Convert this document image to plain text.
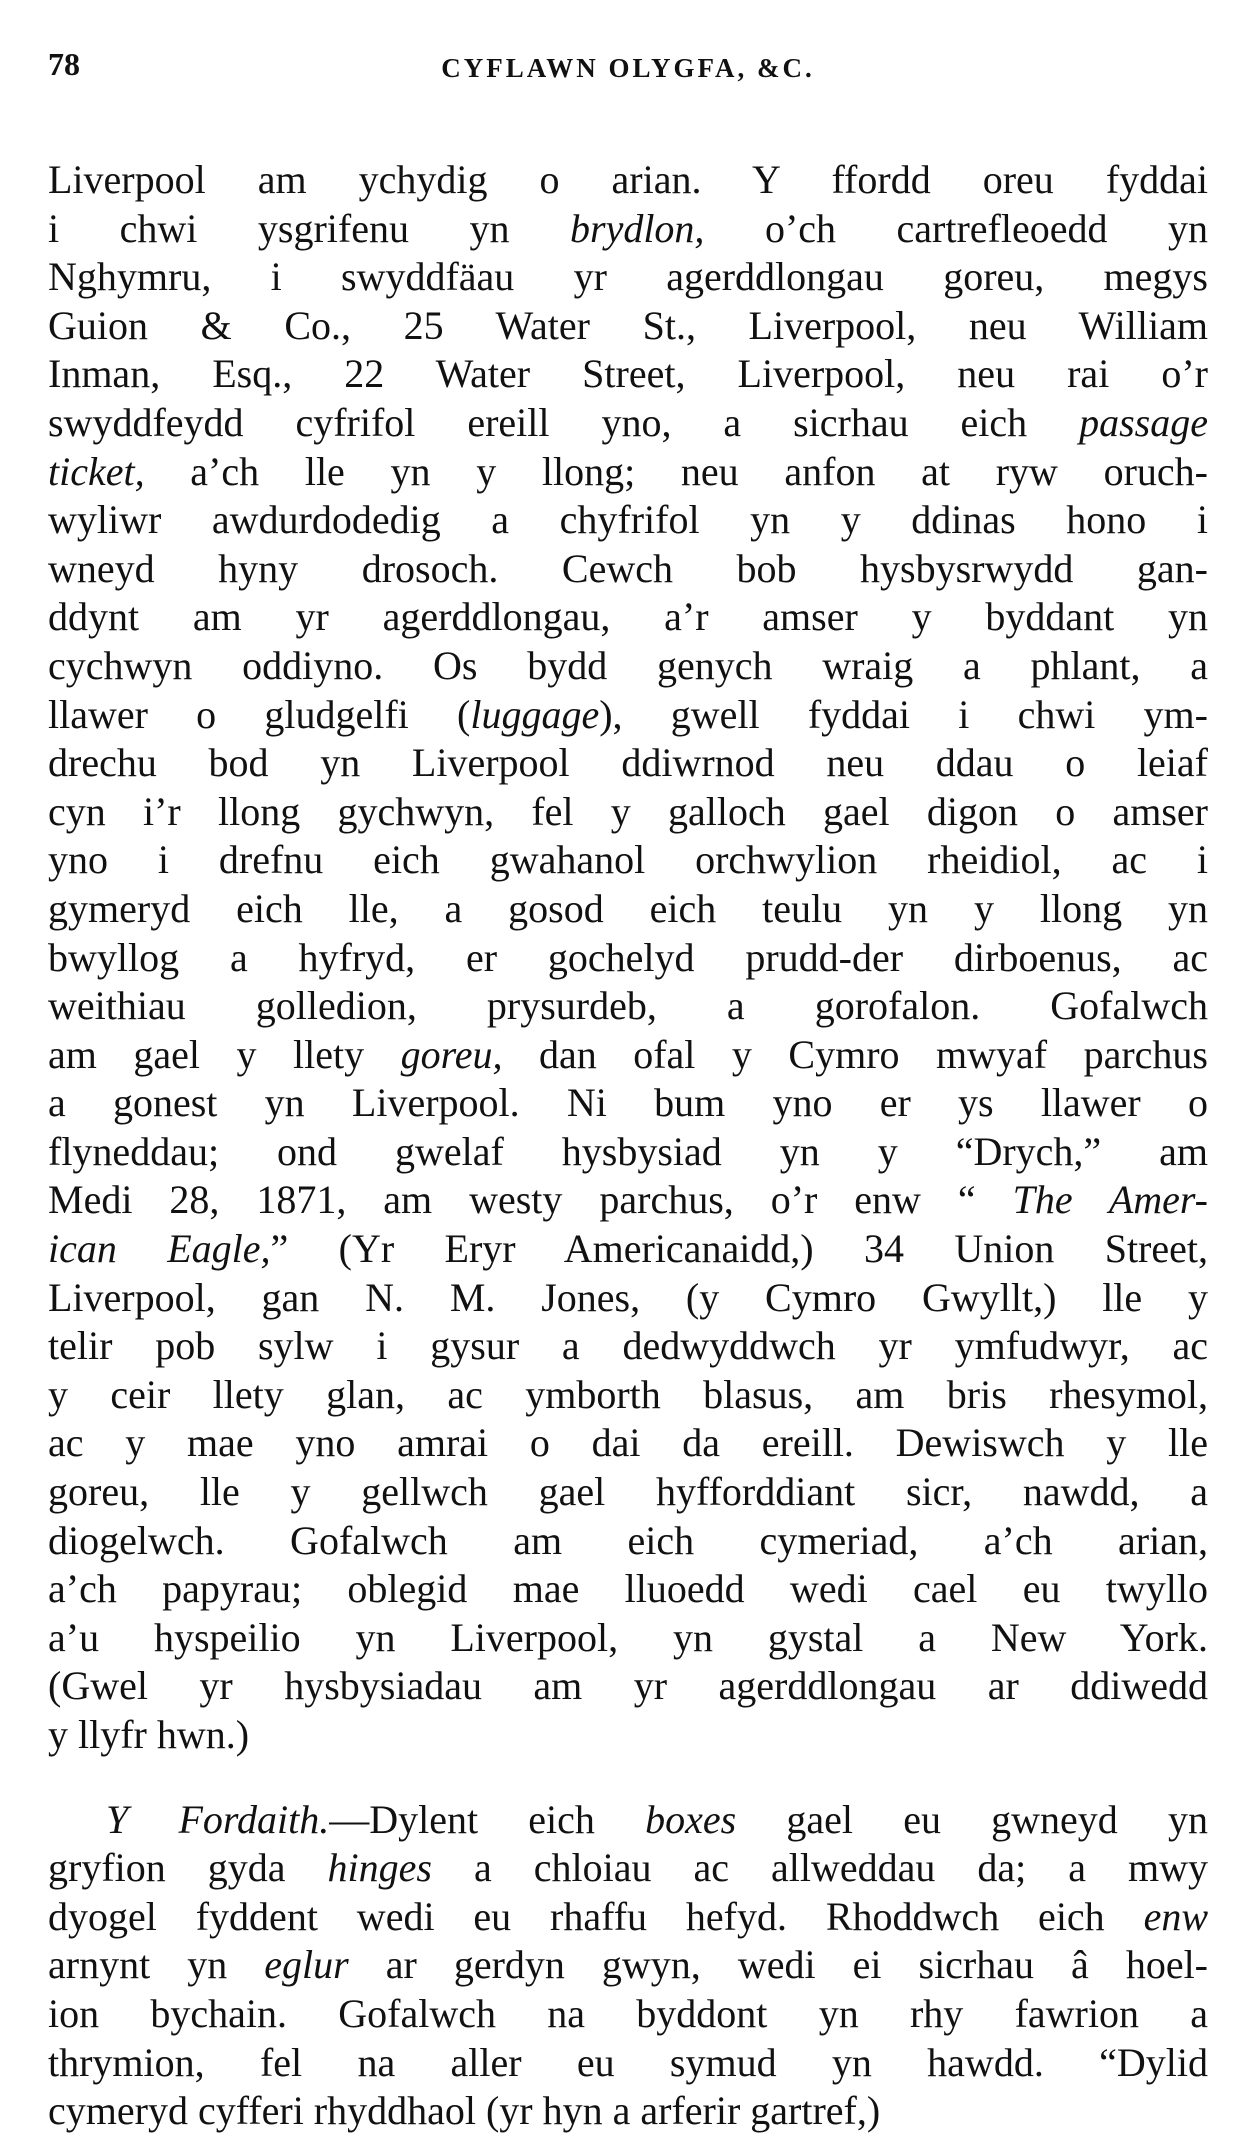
78	CYFLAWN OLYGFA, &C.
Liverpool am ychydig o arian. Y ffordd oreu fyddai
i chwi ysgrifenu yn brydlon, o’ch cartrefleoedd yn
Nghymru, i swyddfäau yr agerddlongau goreu, megys
Guion & Co., 25 Water St., Liverpool, neu William
Inman, Esq., 22 Water Street, Liverpool, neu rai o’r
swyddfeydd cyfrifol ereill yno, a sicrhau eich passage
ticket, a’ch lle yn y llong; neu anfon at ryw oruch-
wyliwr awdurdodedig a chyfrifol yn y ddinas hono i
wneyd hyny drosoch. Cewch bob hysbysrwydd gan-
ddynt am yr agerddlongau, a’r amser y byddant yn
cychwyn oddiyno. Os bydd genych wraig a phlant, a
llawer o gludgelfi (luggage), gwell fyddai i chwi ym-
drechu bod yn Liverpool ddiwrnod neu ddau o leiaf
cyn i’r llong gychwyn, fel y galloch gael digon o amser
yno i drefnu eich gwahanol orchwylion rheidiol, ac i
gymeryd eich lle, a gosod eich teulu yn y llong yn
bwyllog a hyfryd, er gochelyd prudd-der dirboenus, ac
weithiau golledion, prysurdeb, a gorofalon. Gofalwch
am gael y llety goreu, dan ofal y Cymro mwyaf parchus
a gonest yn Liverpool. Ni bum yno er ys llawer o
flyneddau; ond gwelaf hysbysiad yn y “Drych,” am
Medi 28, 1871, am westy parchus, o’r enw “ The Amer-
ican Eagle,” (Yr Eryr Americanaidd,) 34 Union Street,
Liverpool, gan N. M. Jones, (y Cymro Gwyllt,) lle y
telir pob sylw i gysur a dedwyddwch yr ymfudwyr, ac
y ceir llety glan, ac ymborth blasus, am bris rhesymol,
ac y mae yno amrai o dai da ereill. Dewiswch y lle
goreu, lle y gellwch gael hyfforddiant sicr, nawdd, a
diogelwch. Gofalwch am eich cymeriad, a’ch arian,
a’ch papyrau; oblegid mae lluoedd wedi cael eu twyllo
a’u hyspeilio yn Liverpool, yn gystal a New York.
(Gwel yr hysbysiadau am yr agerddlongau ar ddiwedd
y llyfr hwn.)
Y Fordaith.—Dylent eich boxes gael eu gwneyd yn
gryfion gyda hinges a chloiau ac allweddau da; a mwy
dyogel fyddent wedi eu rhaffu hefyd. Rhoddwch eich enw
arnynt yn eglur ar gerdyn gwyn, wedi ei sicrhau â hoel-
ion bychain. Gofalwch na byddont yn rhy fawrion a
thrymion, fel na aller eu symud yn hawdd. “Dylid
cymeryd cyfferi rhyddhaol (yr hyn a arferir gartref,)
